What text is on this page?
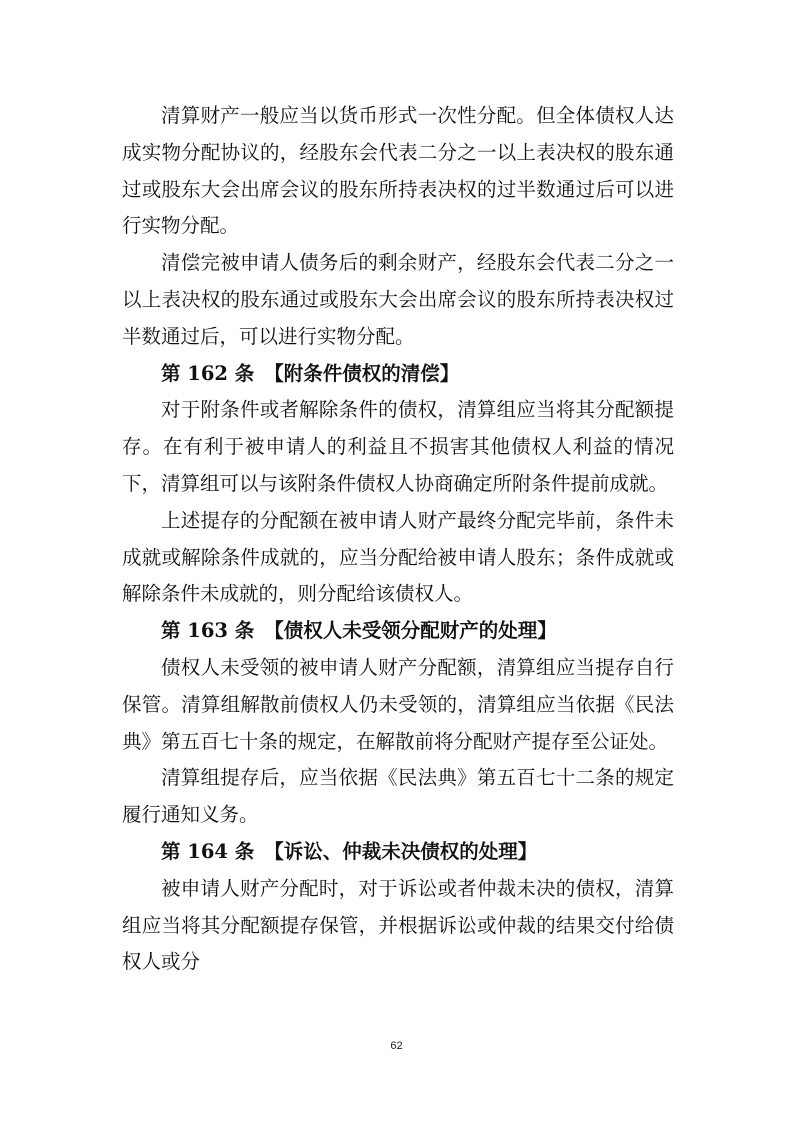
清算财产一般应当以货币形式一次性分配。但全体债权人达成实物分配协议的，经股东会代表二分之一以上表决权的股东通过或股东大会出席会议的股东所持表决权的过半数通过后可以进行实物分配。

清偿完被申请人债务后的剩余财产，经股东会代表二分之一以上表决权的股东通过或股东大会出席会议的股东所持表决权过半数通过后，可以进行实物分配。

第 162 条 【附条件债权的清偿】

对于附条件或者解除条件的债权，清算组应当将其分配额提存。在有利于被申请人的利益且不损害其他债权人利益的情况下，清算组可以与该附条件债权人协商确定所附条件提前成就。

上述提存的分配额在被申请人财产最终分配完毕前，条件未成就或解除条件成就的，应当分配给被申请人股东；条件成就或解除条件未成就的，则分配给该债权人。

第 163 条 【债权人未受领分配财产的处理】

债权人未受领的被申请人财产分配额，清算组应当提存自行保管。清算组解散前债权人仍未受领的，清算组应当依据《民法典》第五百七十条的规定，在解散前将分配财产提存至公证处。

清算组提存后，应当依据《民法典》第五百七十二条的规定履行通知义务。

第 164 条 【诉讼、仲裁未决债权的处理】

被申请人财产分配时，对于诉讼或者仲裁未决的债权，清算组应当将其分配额提存保管，并根据诉讼或仲裁的结果交付给债权人或分

62
